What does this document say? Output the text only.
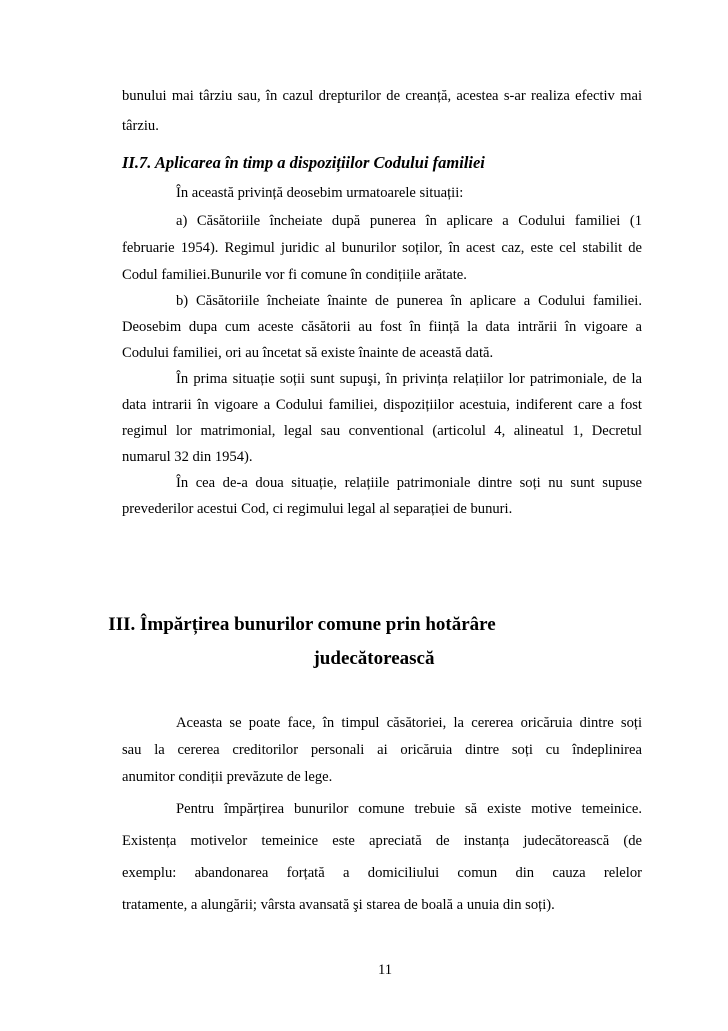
bunului mai târziu sau, în cazul drepturilor de creanță, acestea s-ar realiza efectiv mai

târziu.

II.7. Aplicarea în timp a dispozițiilor Codului familiei

În această privință deosebim urmatoarele situații:

a) Căsătoriile încheiate după punerea în aplicare a Codului familiei (1

februarie 1954). Regimul juridic al bunurilor soților, în acest caz, este cel stabilit de

Codul familiei.Bunurile vor fi comune în condițiile arătate.

b) Căsătoriile încheiate înainte de punerea în aplicare a Codului familiei.

Deosebim dupa cum aceste căsătorii au fost în ființă la data intrării în vigoare a

Codului familiei, ori au încetat să existe înainte de această dată.

În prima situație soții sunt supuşi, în privința relațiilor lor patrimoniale, de la

data intrarii în vigoare a Codului familiei, dispozițiilor acestuia, indiferent care a fost

regimul lor matrimonial, legal sau conventional (articolul 4, alineatul 1, Decretul

numarul 32 din 1954).

În cea de-a doua situație, relațiile patrimoniale dintre soți nu sunt supuse

prevederilor acestui Cod, ci regimului legal al separației de bunuri.

III. Împărțirea bunurilor comune prin hotărâre

judecătorească

Aceasta se poate face, în timpul căsătoriei, la cererea oricăruia dintre soți

sau la cererea creditorilor personali ai oricăruia dintre soți cu îndeplinirea

anumitor condiții prevăzute de lege.

Pentru împărțirea bunurilor comune trebuie să existe motive temeinice.

Existența motivelor temeinice este apreciată de instanța judecătorească (de

exemplu: abandonarea forțată a domiciliului comun din cauza relelor

tratamente, a alungării; vârsta avansată şi starea de boală a unuia din soți).

11
